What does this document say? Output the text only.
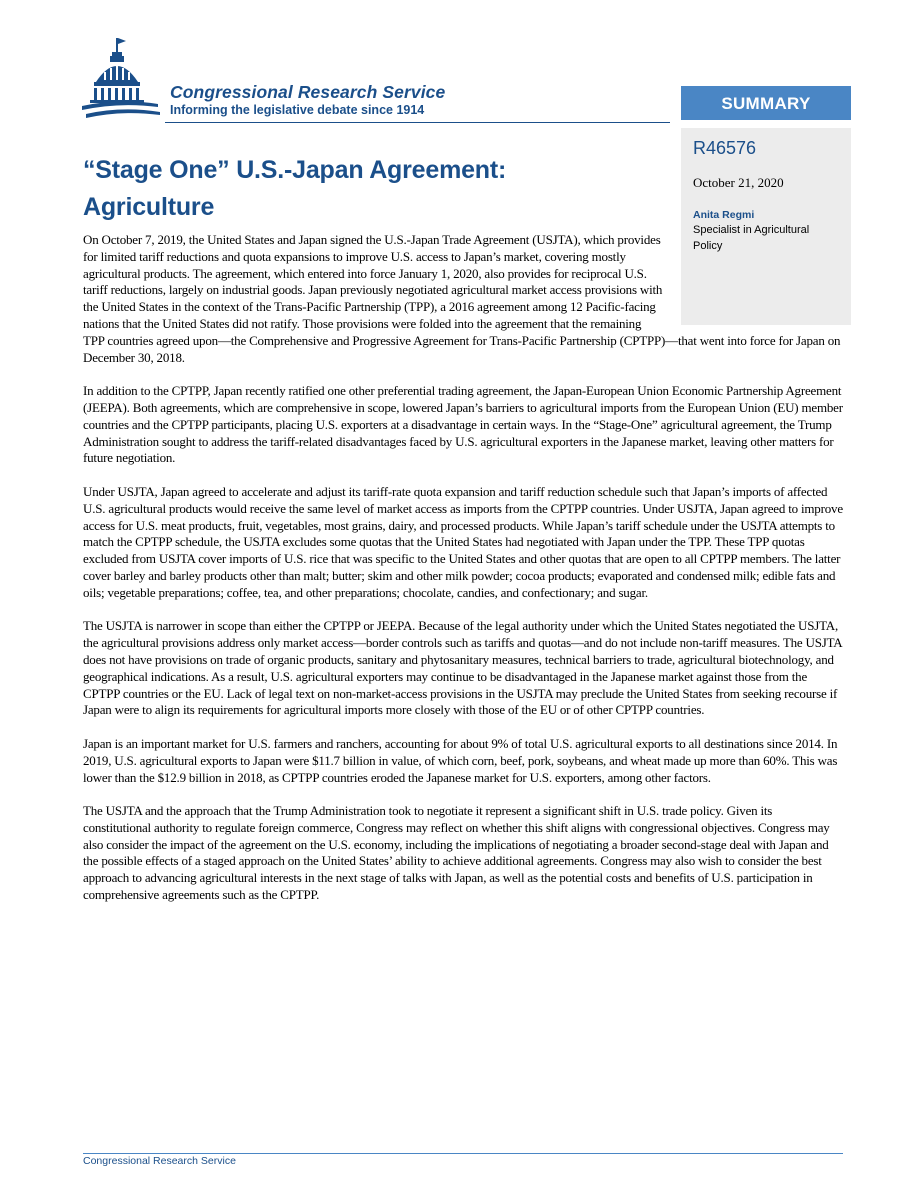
Congressional Research Service
Informing the legislative debate since 1914	SUMMARY
R46576
October 21, 2020
Anita Regmi
Specialist in Agricultural Policy
“Stage One” U.S.-Japan Agreement:
Agriculture

On October 7, 2019, the United States and Japan signed the U.S.-Japan Trade Agreement (USJTA), which provides for limited tariff reductions and quota expansions to improve U.S. access to Japan’s market, covering mostly agricultural products. The agreement, which entered into force January 1, 2020, also provides for reciprocal U.S. tariff reductions, largely on industrial goods. Japan previously negotiated agricultural market access provisions with the United States in the context of the Trans-Pacific Partnership (TPP), a 2016 agreement among 12 Pacific-facing nations that the United States did not ratify. Those provisions were folded into the agreement that the remaining TPP countries agreed upon—the Comprehensive and Progressive Agreement for Trans-Pacific Partnership (CPTPP)—that went into force for Japan on December 30, 2018.

In addition to the CPTPP, Japan recently ratified one other preferential trading agreement, the Japan-European Union Economic Partnership Agreement (JEEPA). Both agreements, which are comprehensive in scope, lowered Japan’s barriers to agricultural imports from the European Union (EU) member countries and the CPTPP participants, placing U.S. exporters at a disadvantage in certain ways. In the “Stage-One” agricultural agreement, the Trump Administration sought to address the tariff-related disadvantages faced by U.S. agricultural exporters in the Japanese market, leaving other matters for future negotiation.

Under USJTA, Japan agreed to accelerate and adjust its tariff-rate quota expansion and tariff reduction schedule such that Japan’s imports of affected U.S. agricultural products would receive the same level of market access as imports from the CPTPP countries. Under USJTA, Japan agreed to improve access for U.S. meat products, fruit, vegetables, most grains, dairy, and processed products. While Japan’s tariff schedule under the USJTA attempts to match the CPTPP schedule, the USJTA excludes some quotas that the United States had negotiated with Japan under the TPP. These TPP quotas excluded from USJTA cover imports of U.S. rice that was specific to the United States and other quotas that are open to all CPTPP members. The latter cover barley and barley products other than malt; butter; skim and other milk powder; cocoa products; evaporated and condensed milk; edible fats and oils; vegetable preparations; coffee, tea, and other preparations; chocolate, candies, and confectionary; and sugar.

The USJTA is narrower in scope than either the CPTPP or JEEPA. Because of the legal authority under which the United States negotiated the USJTA, the agricultural provisions address only market access—border controls such as tariffs and quotas—and do not include non-tariff measures. The USJTA does not have provisions on trade of organic products, sanitary and phytosanitary measures, technical barriers to trade, agricultural biotechnology, and geographical indications. As a result, U.S. agricultural exporters may continue to be disadvantaged in the Japanese market against those from the CPTPP countries or the EU. Lack of legal text on non-market-access provisions in the USJTA may preclude the United States from seeking recourse if Japan were to align its requirements for agricultural imports more closely with those of the EU or of other CPTPP countries.

Japan is an important market for U.S. farmers and ranchers, accounting for about 9% of total U.S. agricultural exports to all destinations since 2014. In 2019, U.S. agricultural exports to Japan were $11.7 billion in value, of which corn, beef, pork, soybeans, and wheat made up more than 60%. This was lower than the $12.9 billion in 2018, as CPTPP countries eroded the Japanese market for U.S. exporters, among other factors.

The USJTA and the approach that the Trump Administration took to negotiate it represent a significant shift in U.S. trade policy. Given its constitutional authority to regulate foreign commerce, Congress may reflect on whether this shift aligns with congressional objectives. Congress may also consider the impact of the agreement on the U.S. economy, including the implications of negotiating a broader second-stage deal with Japan and the possible effects of a staged approach on the United States’ ability to achieve additional agreements. Congress may also wish to consider the best approach to advancing agricultural interests in the next stage of talks with Japan, as well as the potential costs and benefits of U.S. participation in comprehensive agreements such as the CPTPP.

Congressional Research Service
